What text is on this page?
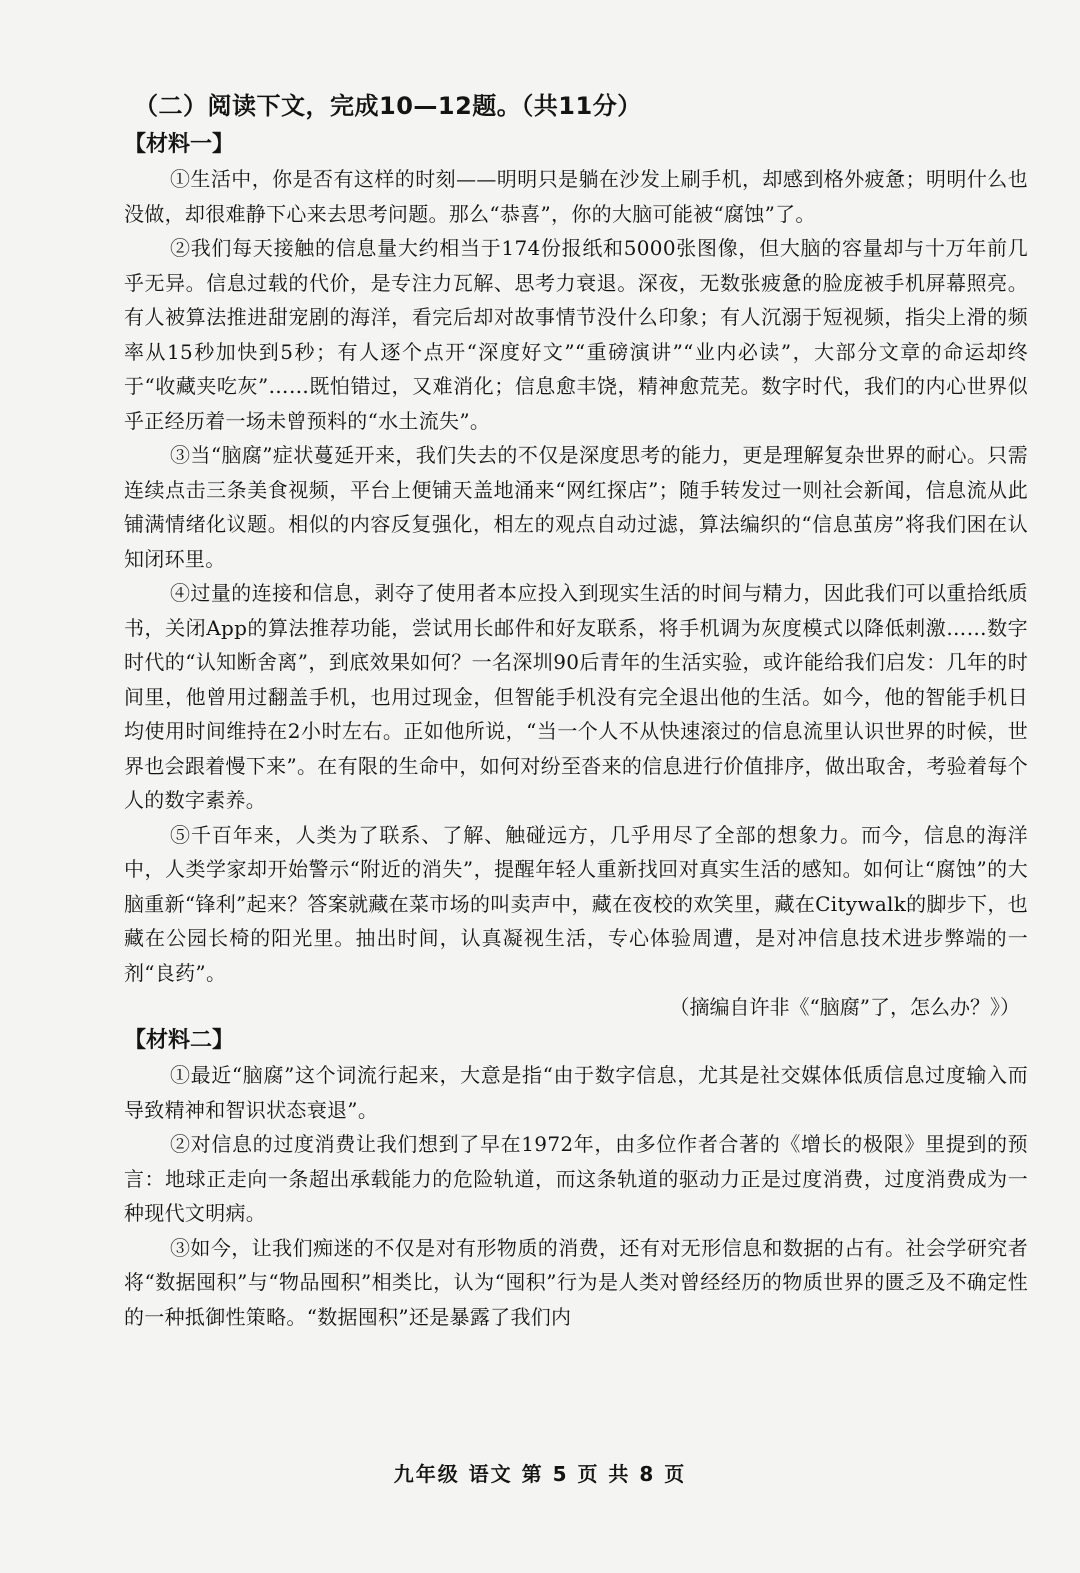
（二）阅读下文，完成10—12题。（共11分）
【材料一】

①生活中，你是否有这样的时刻——明明只是躺在沙发上刷手机，却感到格外疲惫；明明什么也没做，却很难静下心来去思考问题。那么“恭喜”，你的大脑可能被“腐蚀”了。

②我们每天接触的信息量大约相当于174份报纸和5000张图像，但大脑的容量却与十万年前几乎无异。信息过载的代价，是专注力瓦解、思考力衰退。深夜，无数张疲惫的脸庞被手机屏幕照亮。有人被算法推进甜宠剧的海洋，看完后却对故事情节没什么印象；有人沉溺于短视频，指尖上滑的频率从15秒加快到5秒；有人逐个点开“深度好文”“重磅演讲”“业内必读”，大部分文章的命运却终于“收藏夹吃灰”……既怕错过，又难消化；信息愈丰饶，精神愈荒芜。数字时代，我们的内心世界似乎正经历着一场未曾预料的“水土流失”。

③当“脑腐”症状蔓延开来，我们失去的不仅是深度思考的能力，更是理解复杂世界的耐心。只需连续点击三条美食视频，平台上便铺天盖地涌来“网红探店”；随手转发过一则社会新闻，信息流从此铺满情绪化议题。相似的内容反复强化，相左的观点自动过滤，算法编织的“信息茧房”将我们困在认知闭环里。

④过量的连接和信息，剥夺了使用者本应投入到现实生活的时间与精力，因此我们可以重拾纸质书，关闭App的算法推荐功能，尝试用长邮件和好友联系，将手机调为灰度模式以降低刺激……数字时代的“认知断舍离”，到底效果如何？一名深圳90后青年的生活实验，或许能给我们启发：几年的时间里，他曾用过翻盖手机，也用过现金，但智能手机没有完全退出他的生活。如今，他的智能手机日均使用时间维持在2小时左右。正如他所说，“当一个人不从快速滚过的信息流里认识世界的时候，世界也会跟着慢下来”。在有限的生命中，如何对纷至沓来的信息进行价值排序，做出取舍，考验着每个人的数字素养。

⑤千百年来，人类为了联系、了解、触碰远方，几乎用尽了全部的想象力。而今，信息的海洋中，人类学家却开始警示“附近的消失”，提醒年轻人重新找回对真实生活的感知。如何让“腐蚀”的大脑重新“锋利”起来？答案就藏在菜市场的叫卖声中，藏在夜校的欢笑里，藏在Citywalk的脚步下，也藏在公园长椅的阳光里。抽出时间，认真凝视生活，专心体验周遭，是对冲信息技术进步弊端的一剂“良药”。

（摘编自许非《“脑腐”了，怎么办？》）

【材料二】

①最近“脑腐”这个词流行起来，大意是指“由于数字信息，尤其是社交媒体低质信息过度输入而导致精神和智识状态衰退”。

②对信息的过度消费让我们想到了早在1972年，由多位作者合著的《增长的极限》里提到的预言：地球正走向一条超出承载能力的危险轨道，而这条轨道的驱动力正是过度消费，过度消费成为一种现代文明病。

③如今，让我们痴迷的不仅是对有形物质的消费，还有对无形信息和数据的占有。社会学研究者将“数据囤积”与“物品囤积”相类比，认为“囤积”行为是人类对曾经经历的物质世界的匮乏及不确定性的一种抵御性策略。“数据囤积”还是暴露了我们内

九年级 语文 第 5 页 共 8 页
